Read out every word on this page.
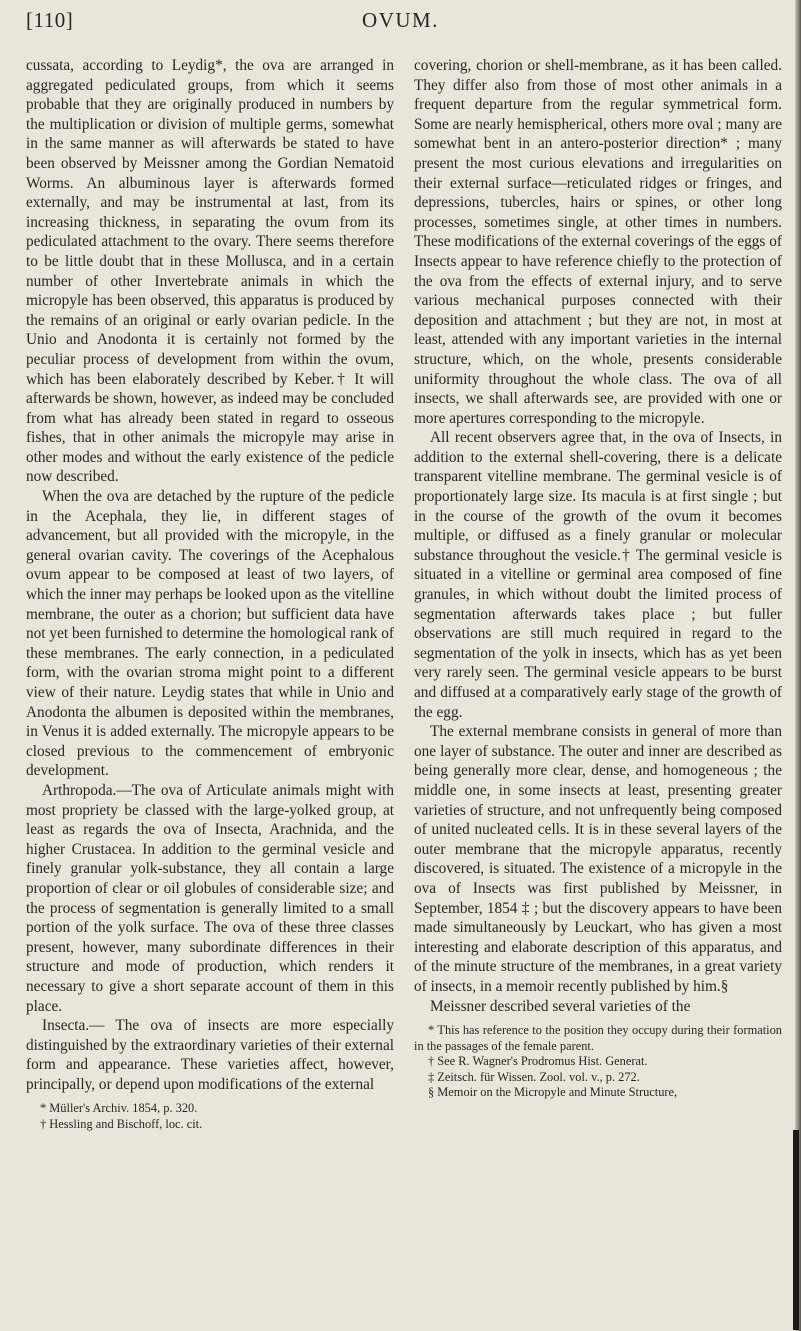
[110]	OVUM.

cussata, according to Leydig*, the ova are arranged in aggregated pediculated groups, from which it seems probable that they are originally produced in numbers by the multiplication or division of multiple germs, somewhat in the same manner as will afterwards be stated to have been observed by Meissner among the Gordian Nematoid Worms. An albuminous layer is afterwards formed externally, and may be instrumental at last, from its increasing thickness, in separating the ovum from its pediculated attachment to the ovary. There seems therefore to be little doubt that in these Mollusca, and in a certain number of other Invertebrate animals in which the micropyle has been observed, this apparatus is produced by the remains of an original or early ovarian pedicle. In the Unio and Anodonta it is certainly not formed by the peculiar process of development from within the ovum, which has been elaborately described by Keber.† It will afterwards be shown, however, as indeed may be concluded from what has already been stated in regard to osseous fishes, that in other animals the micropyle may arise in other modes and without the early existence of the pedicle now described.

When the ova are detached by the rupture of the pedicle in the Acephala, they lie, in different stages of advancement, but all provided with the micropyle, in the general ovarian cavity. The coverings of the Acephalous ovum appear to be composed at least of two layers, of which the inner may perhaps be looked upon as the vitelline membrane, the outer as a chorion; but sufficient data have not yet been furnished to determine the homological rank of these membranes. The early connection, in a pediculated form, with the ovarian stroma might point to a different view of their nature. Leydig states that while in Unio and Anodonta the albumen is deposited within the membranes, in Venus it is added externally. The micropyle appears to be closed previous to the commencement of embryonic development.

Arthropoda.—The ova of Articulate animals might with most propriety be classed with the large-yolked group, at least as regards the ova of Insecta, Arachnida, and the higher Crustacea. In addition to the germinal vesicle and finely granular yolk-substance, they all contain a large proportion of clear or oil globules of considerable size; and the process of segmentation is generally limited to a small portion of the yolk surface. The ova of these three classes present, however, many subordinate differences in their structure and mode of production, which renders it necessary to give a short separate account of them in this place.

Insecta.— The ova of insects are more especially distinguished by the extraordinary varieties of their external form and appearance. These varieties affect, however, principally, or depend upon modifications of the external

* Müller's Archiv. 1854, p. 320.

† Hessling and Bischoff, loc. cit.

covering, chorion or shell-membrane, as it has been called. They differ also from those of most other animals in a frequent departure from the regular symmetrical form. Some are nearly hemispherical, others more oval ; many are somewhat bent in an antero-posterior direction* ; many present the most curious elevations and irregularities on their external surface—reticulated ridges or fringes, and depressions, tubercles, hairs or spines, or other long processes, sometimes single, at other times in numbers. These modifications of the external coverings of the eggs of Insects appear to have reference chiefly to the protection of the ova from the effects of external injury, and to serve various mechanical purposes connected with their deposition and attachment ; but they are not, in most at least, attended with any important varieties in the internal structure, which, on the whole, presents considerable uniformity throughout the whole class. The ova of all insects, we shall afterwards see, are provided with one or more apertures corresponding to the micropyle.

All recent observers agree that, in the ova of Insects, in addition to the external shell-covering, there is a delicate transparent vitelline membrane. The germinal vesicle is of proportionately large size. Its macula is at first single ; but in the course of the growth of the ovum it becomes multiple, or diffused as a finely granular or molecular substance throughout the vesicle.† The germinal vesicle is situated in a vitelline or germinal area composed of fine granules, in which without doubt the limited process of segmentation afterwards takes place ; but fuller observations are still much required in regard to the segmentation of the yolk in insects, which has as yet been very rarely seen. The germinal vesicle appears to be burst and diffused at a comparatively early stage of the growth of the egg.

The external membrane consists in general of more than one layer of substance. The outer and inner are described as being generally more clear, dense, and homogeneous ; the middle one, in some insects at least, presenting greater varieties of structure, and not unfrequently being composed of united nucleated cells. It is in these several layers of the outer membrane that the micropyle apparatus, recently discovered, is situated. The existence of a micropyle in the ova of Insects was first published by Meissner, in September, 1854 ‡ ; but the discovery appears to have been made simultaneously by Leuckart, who has given a most interesting and elaborate description of this apparatus, and of the minute structure of the membranes, in a great variety of insects, in a memoir recently published by him.§

Meissner described several varieties of the

* This has reference to the position they occupy during their formation in the passages of the female parent.

† See R. Wagner's Prodromus Hist. Generat.

‡ Zeitsch. für Wissen. Zool. vol. v., p. 272.

§ Memoir on the Micropyle and Minute Structure,
